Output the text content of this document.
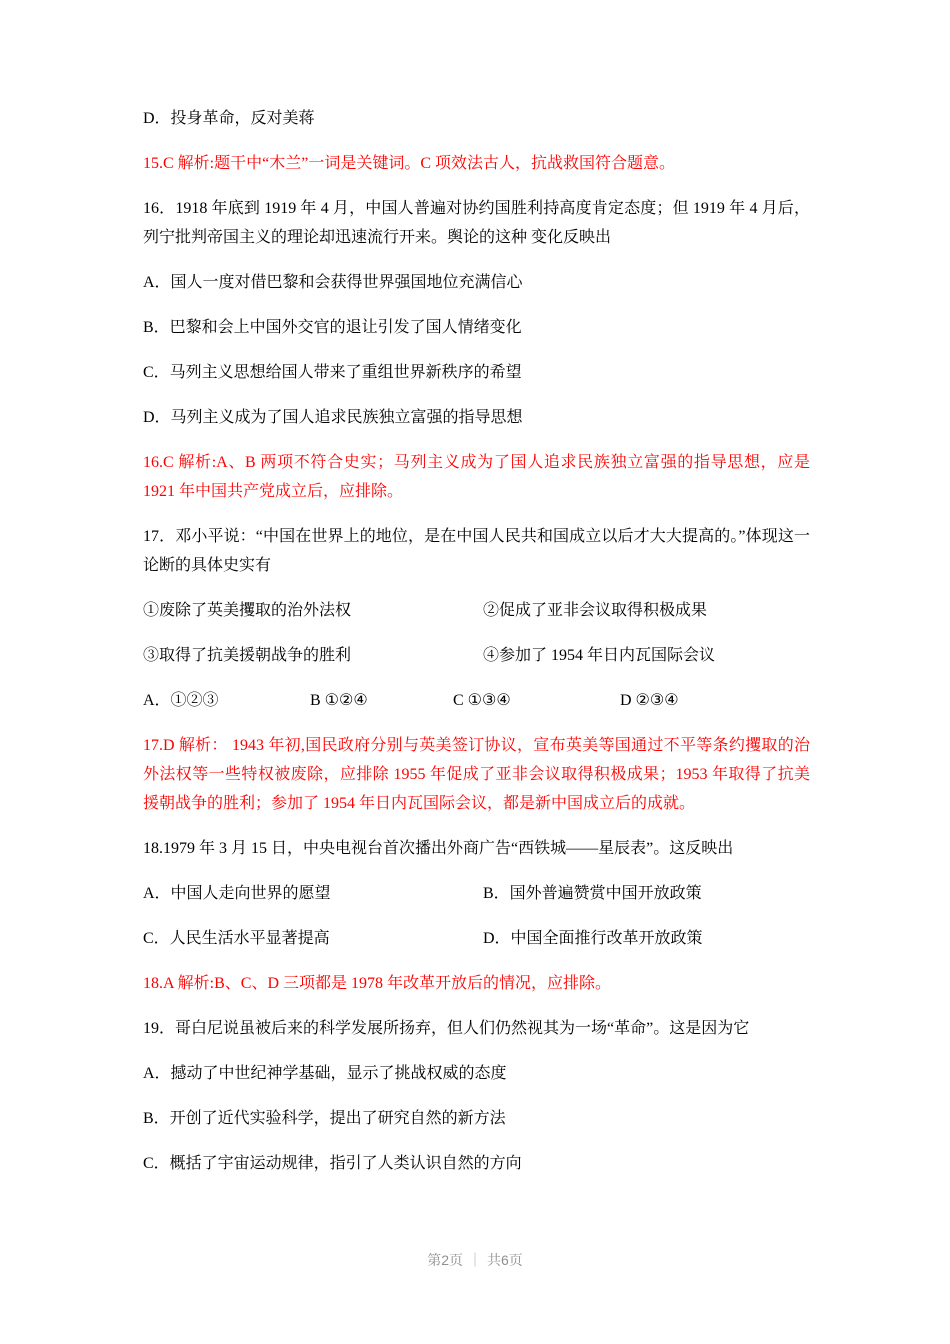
D．投身革命，反对美蒋

15.C 解析:题干中“木兰”一词是关键词。C 项效法古人，抗战救国符合题意。

16．1918 年底到 1919 年 4 月，中国人普遍对协约国胜利持高度肯定态度；但 1919 年 4 月后，列宁批判帝国主义的理论却迅速流行开来。舆论的这种 变化反映出

A．国人一度对借巴黎和会获得世界强国地位充满信心

B．巴黎和会上中国外交官的退让引发了国人情绪变化

C．马列主义思想给国人带来了重组世界新秩序的希望

D．马列主义成为了国人追求民族独立富强的指导思想

16.C 解析:A、B 两项不符合史实；马列主义成为了国人追求民族独立富强的指导思想，应是 1921 年中国共产党成立后，应排除。

17．邓小平说：“中国在世界上的地位，是在中国人民共和国成立以后才大大提高的。”体现这一论断的具体史实有

①废除了英美攫取的治外法权	②促成了亚非会议取得积极成果
③取得了抗美援朝战争的胜利	④参加了 1954 年日内瓦国际会议
A．①②③	B ①②④	C ①③④	D ②③④

17.D 解析： 1943 年初,国民政府分别与英美签订协议，宣布英美等国通过不平等条约攫取的治外法权等一些特权被废除，应排除 1955 年促成了亚非会议取得积极成果；1953 年取得了抗美援朝战争的胜利；参加了 1954 年日内瓦国际会议，都是新中国成立后的成就。

18.1979 年 3 月 15 日，中央电视台首次播出外商广告“西铁城——星辰表”。这反映出

A．中国人走向世界的愿望	B．国外普遍赞赏中国开放政策
C．人民生活水平显著提高	D．中国全面推行改革开放政策

18.A 解析:B、C、D 三项都是 1978 年改革开放后的情况，应排除。

19．哥白尼说虽被后来的科学发展所扬弃，但人们仍然视其为一场“革命”。这是因为它

A．撼动了中世纪神学基础，显示了挑战权威的态度

B．开创了近代实验科学，提出了研究自然的新方法

C．概括了宇宙运动规律，指引了人类认识自然的方向

第2页 ｜ 共6页
